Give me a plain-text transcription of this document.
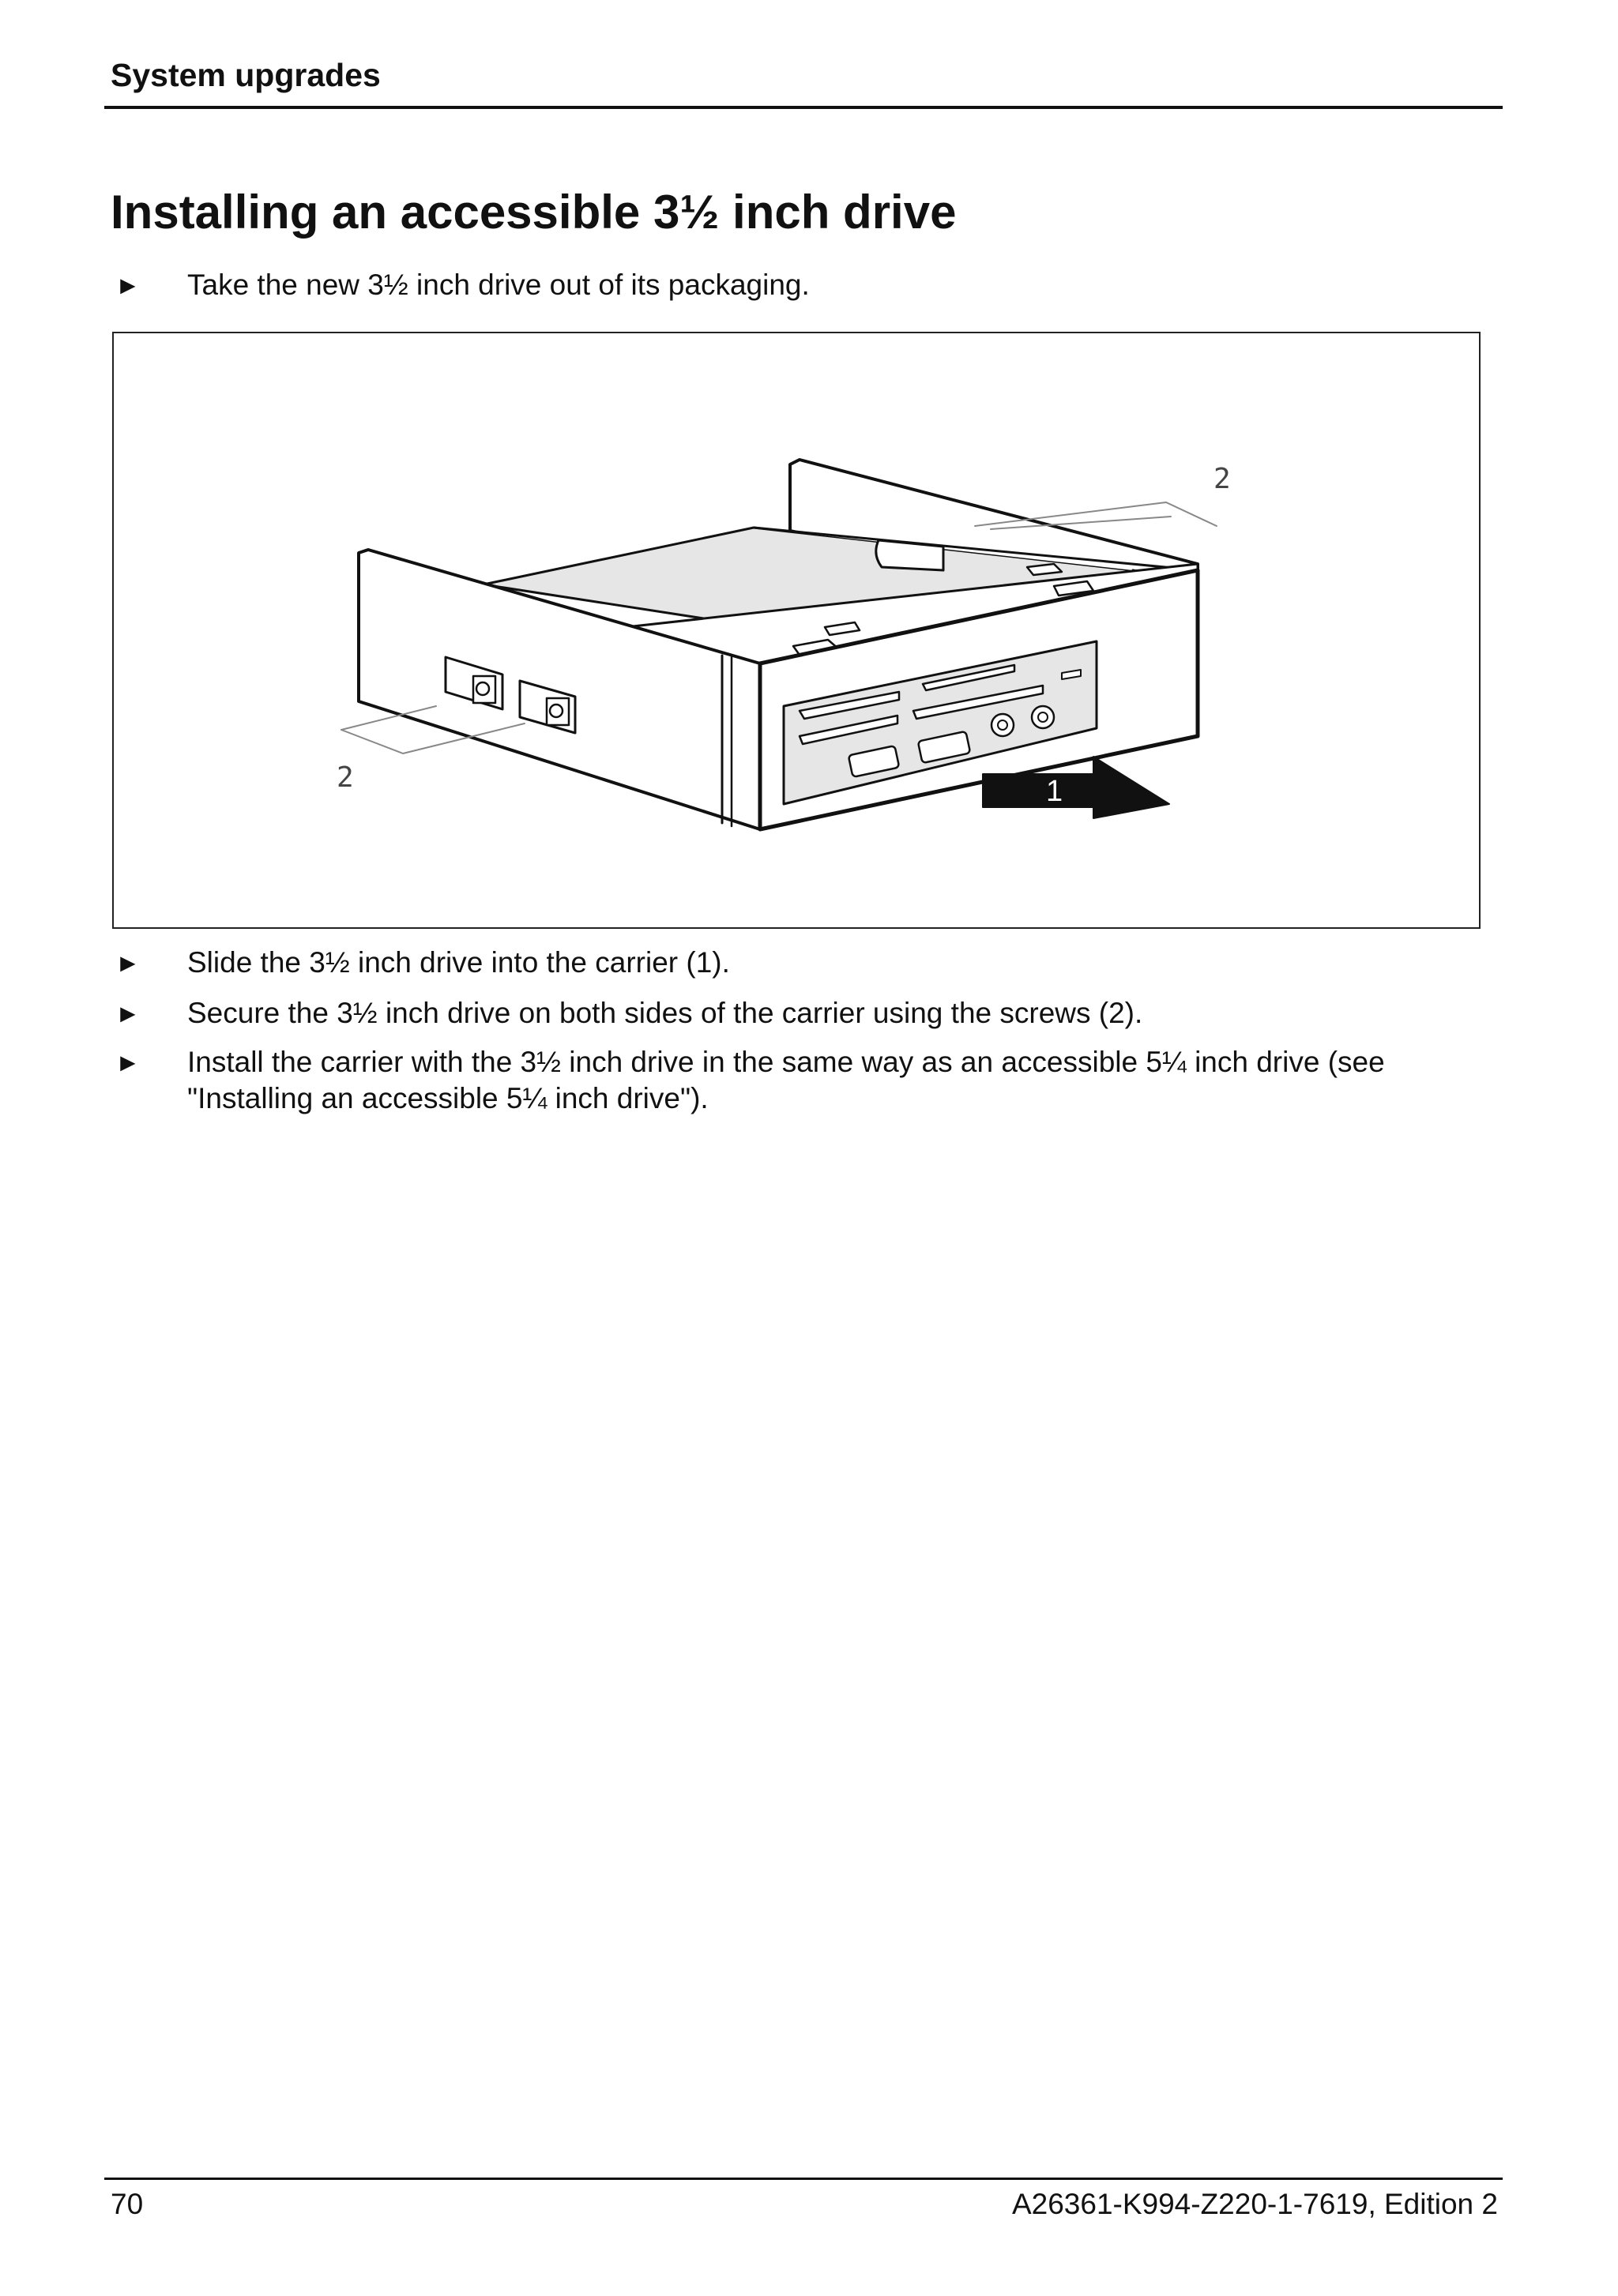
System upgrades
Installing an accessible 3½ inch drive
► Take the new 3½ inch drive out of its packaging.
2
2	1
► Slide the 3½ inch drive into the carrier (1).
► Secure the 3½ inch drive on both sides of the carrier using the screws (2).
► Install the carrier with the 3½ inch drive in the same way as an accessible 5¼ inch drive (see "Installing an accessible 5¼ inch drive").
70	A26361-K994-Z220-1-7619, Edition 2
